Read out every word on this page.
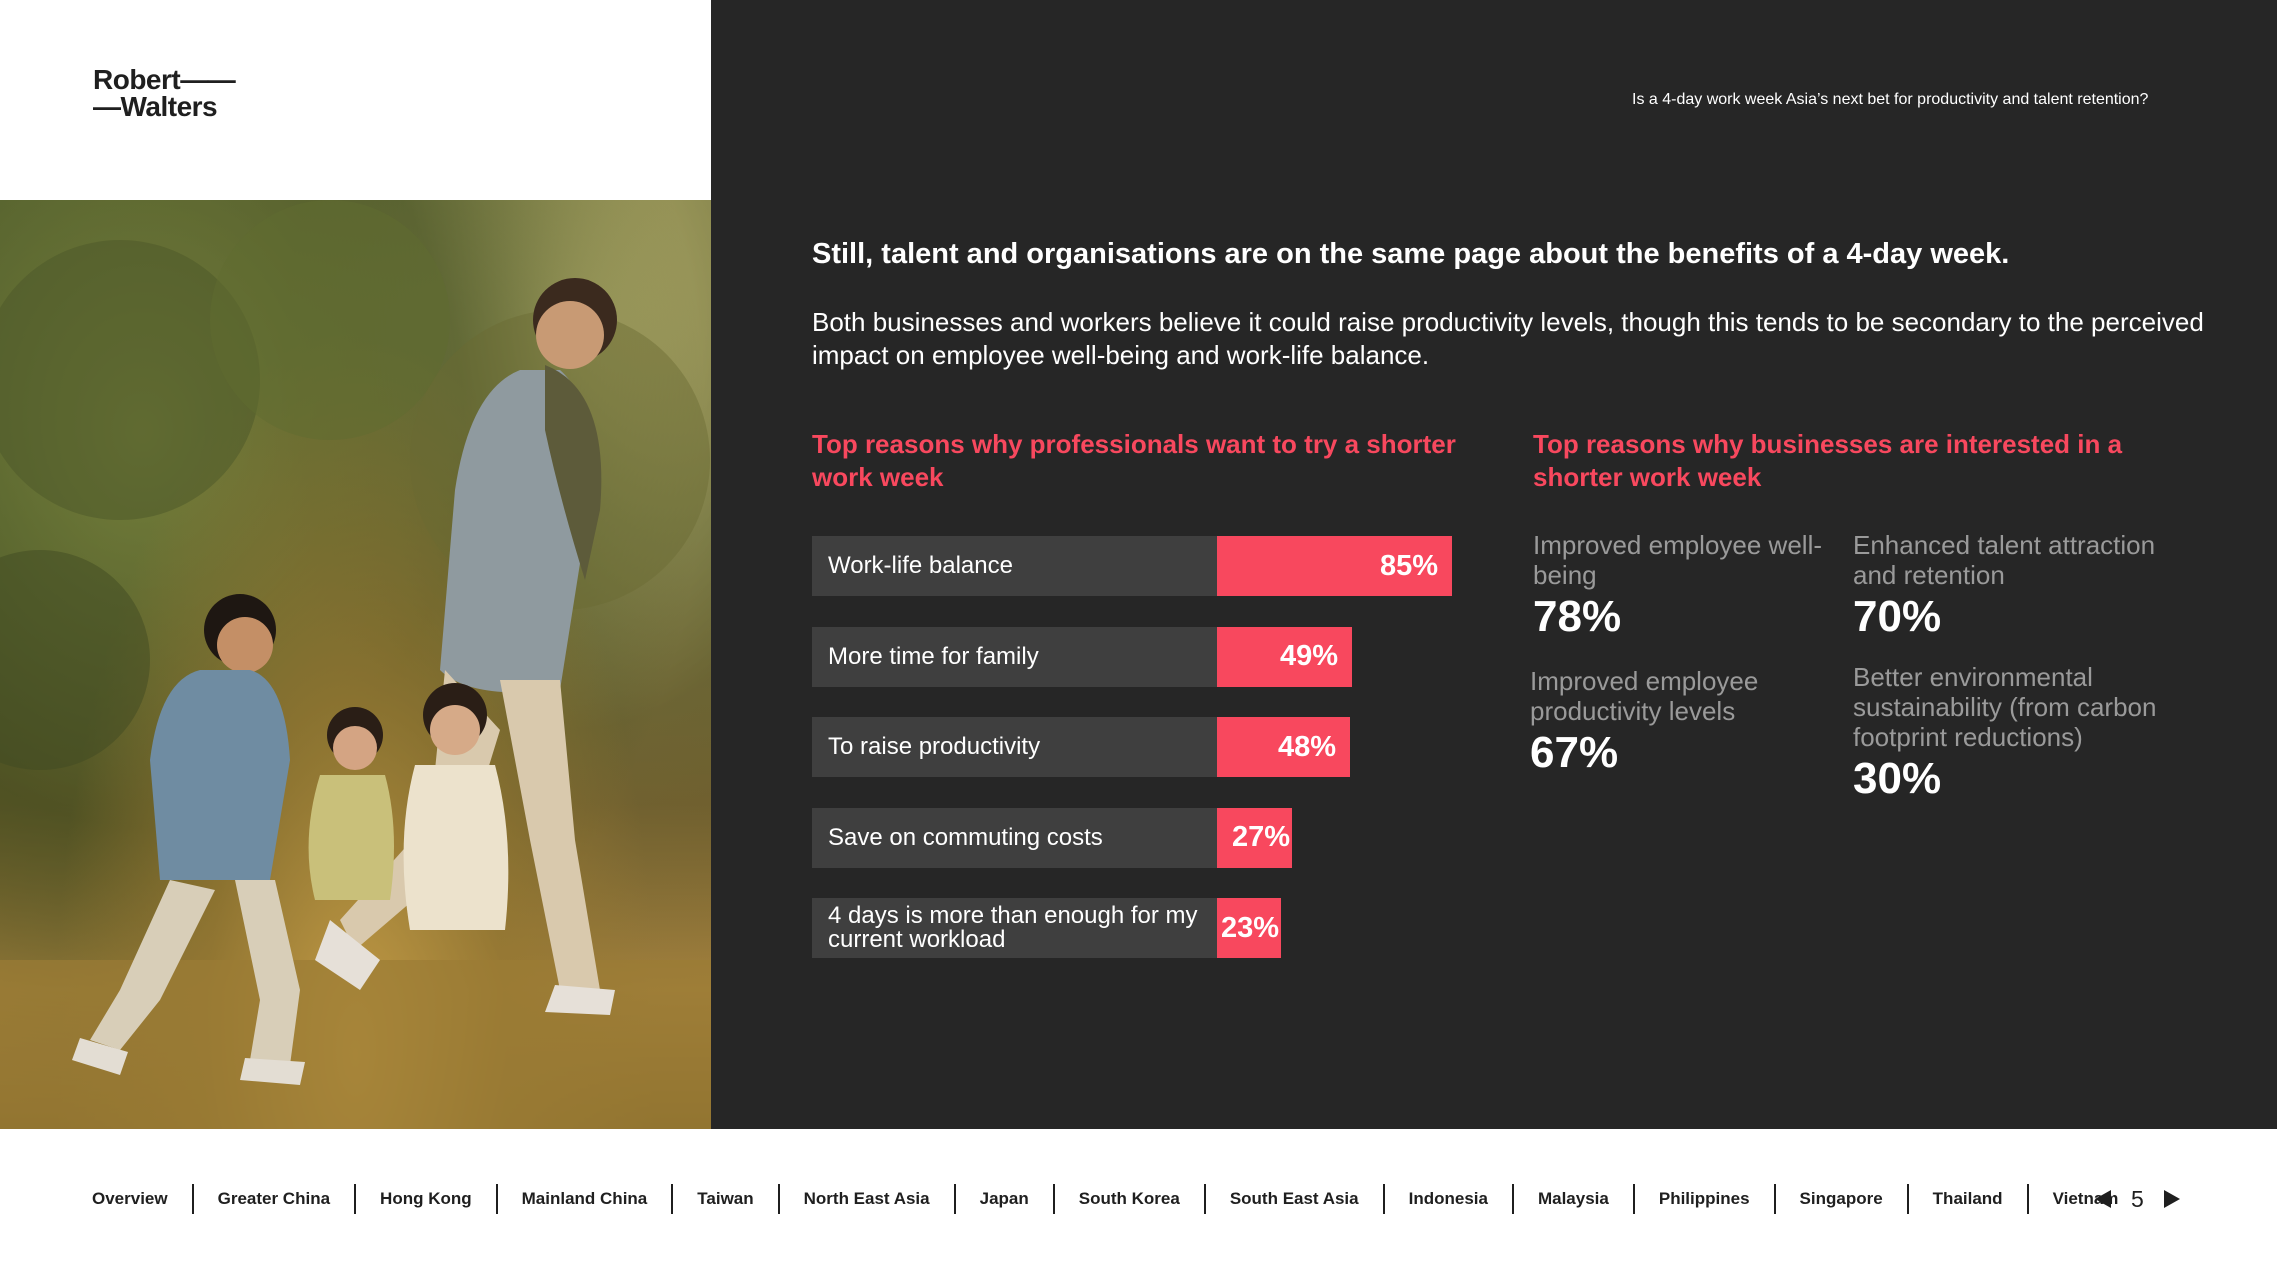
Robert——
—Walters	Is a 4-day work week Asia’s next bet for productivity and talent retention?
Still, talent and organisations are on the same page about the benefits of a 4-day week.
Both businesses and workers believe it could raise productivity levels, though this tends to be secondary to the perceived impact on employee well-being and work-life balance.
Top reasons why professionals want to try a shorter work week
Top reasons why businesses are interested in a shorter work week
Work-life balance	85%
More time for family	49%
To raise productivity	48%
Save on commuting costs	27%
4 days is more than enough for my current workload	23%
Improved employee well-being
78%
Enhanced talent attraction and retention
70%
Improved employee productivity levels
67%
Better environmental sustainability (from carbon footprint reductions)
30%
Overview	Greater China	Hong Kong	Mainland China	Taiwan	North East Asia	Japan	South Korea	South East Asia	Indonesia	Malaysia	Philippines	Singapore	Thailand	Vietnam 5
